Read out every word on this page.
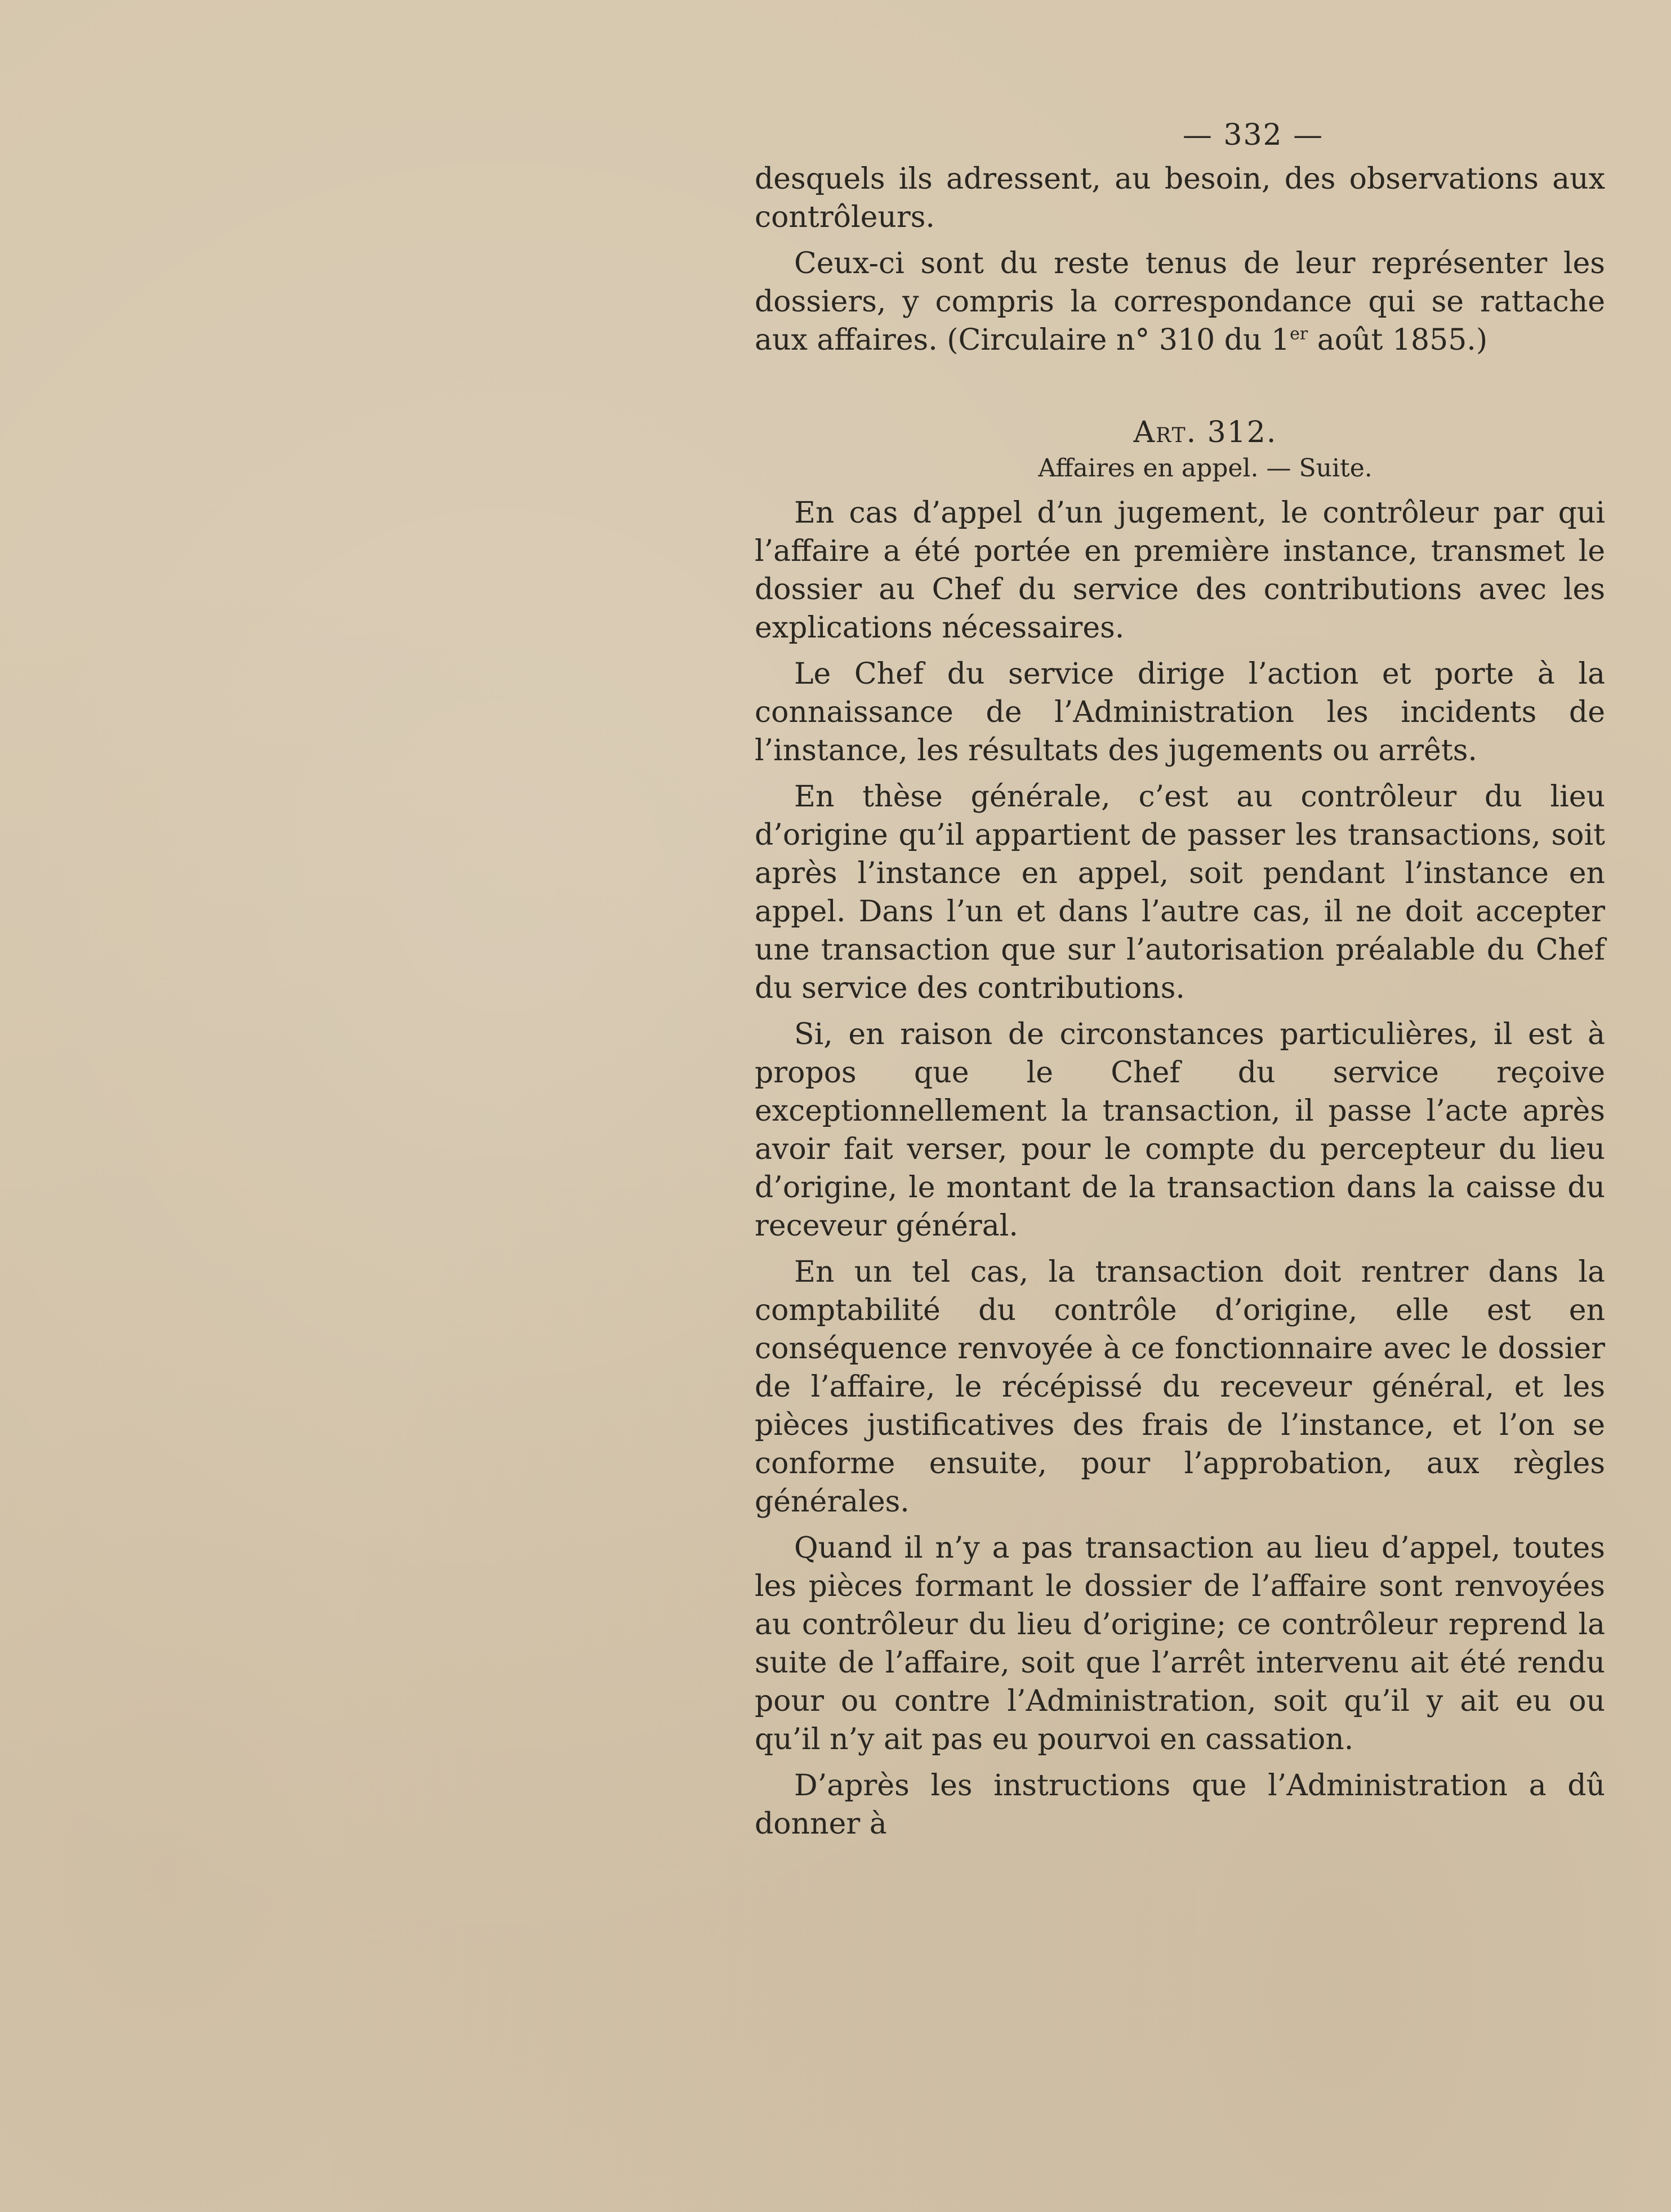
— 332 —

desquels ils adressent, au besoin, des observations aux contrôleurs.

Ceux-ci sont du reste tenus de leur représenter les dossiers, y compris la correspondance qui se rattache aux affaires. (Circulaire n° 310 du 1er août 1855.)

Art. 312.
Affaires en appel. — Suite.

En cas d’appel d’un jugement, le contrôleur par qui l’affaire a été portée en première instance, transmet le dossier au Chef du service des contributions avec les explications nécessaires.

Le Chef du service dirige l’action et porte à la connaissance de l’Administration les incidents de l’instance, les résultats des jugements ou arrêts.

En thèse générale, c’est au contrôleur du lieu d’origine qu’il appartient de passer les transactions, soit après l’instance en appel, soit pendant l’instance en appel. Dans l’un et dans l’autre cas, il ne doit accepter une transaction que sur l’autorisation préalable du Chef du service des contributions.

Si, en raison de circonstances particulières, il est à propos que le Chef du service reçoive exceptionnellement la transaction, il passe l’acte après avoir fait verser, pour le compte du percepteur du lieu d’origine, le montant de la transaction dans la caisse du receveur général.

En un tel cas, la transaction doit rentrer dans la comptabilité du contrôle d’origine, elle est en conséquence renvoyée à ce fonctionnaire avec le dossier de l’affaire, le récépissé du receveur général, et les pièces justificatives des frais de l’instance, et l’on se conforme ensuite, pour l’approbation, aux règles générales.

Quand il n’y a pas transaction au lieu d’appel, toutes les pièces formant le dossier de l’affaire sont renvoyées au contrôleur du lieu d’origine; ce contrôleur reprend la suite de l’affaire, soit que l’arrêt intervenu ait été rendu pour ou contre l’Administration, soit qu’il y ait eu ou qu’il n’y ait pas eu pourvoi en cassation.

D’après les instructions que l’Administration a dû donner à
